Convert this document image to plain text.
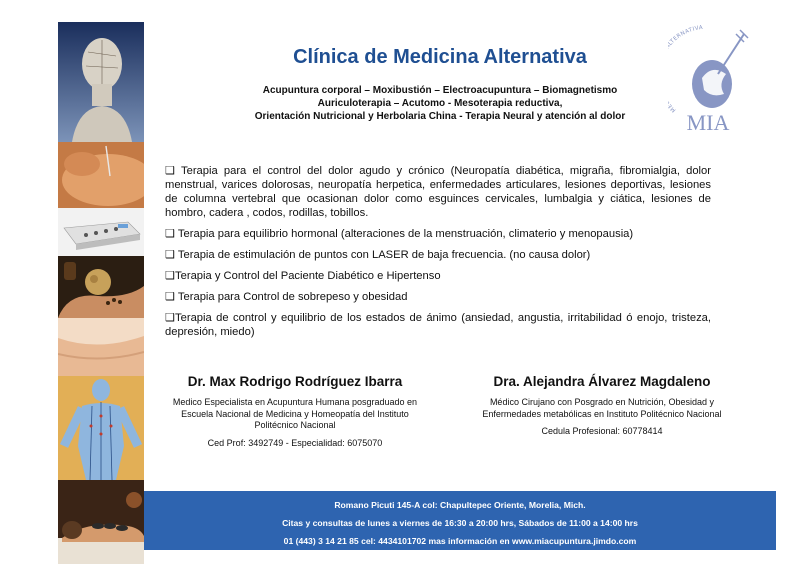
Clínica de Medicina Alternativa
Acupuntura corporal – Moxibustión – Electroacupuntura – Biomagnetismo
Auriculoterapia – Acutomo - Mesoterapia reductiva,
Orientación Nutricional y Herbolaria China - Terapia Neural y atención al dolor
M LTERNATIVA
MIA

❑ Terapia para el control del dolor agudo y crónico (Neuropatía diabética, migraña, fibromialgia, dolor menstrual, varices dolorosas, neuropatía herpetica, enfermedades articulares, lesiones deportivas, lesiones de columna vertebral que ocasionan dolor como esguinces cervicales, lumbalgia y ciática, lesiones de hombro, cadera , codos, rodillas, tobillos.

❑ Terapia para equilibrio hormonal (alteraciones de la menstruación, climaterio y menopausia)

❑ Terapia de estimulación de puntos con LASER de baja frecuencia. (no causa dolor)

❑Terapia y Control del Paciente Diabético e Hipertenso

❑ Terapia para Control de sobrepeso y obesidad

❑Terapia de control y equilibrio de los estados de ánimo (ansiedad, angustia, irritabilidad ó enojo, tristeza, depresión, miedo)

Dr. Max Rodrigo Rodríguez Ibarra
Medico Especialista en Acupuntura Humana posgraduado en
Escuela Nacional de Medicina y Homeopatía del Instituto
Politécnico Nacional
Ced Prof: 3492749 - Especialidad: 6075070
Dra. Alejandra Álvarez Magdaleno
Médico Cirujano con Posgrado en Nutrición, Obesidad y
Enfermedades metabólicas en Instituto Politécnico Nacional
Cedula Profesional: 60778414
Romano Picuti 145-A col: Chapultepec Oriente, Morelia, Mich.
Citas y consultas de lunes a viernes de 16:30 a 20:00 hrs, Sábados de 11:00 a 14:00 hrs
01 (443) 3 14 21 85 cel: 4434101702 mas información en www.miacupuntura.jimdo.com
